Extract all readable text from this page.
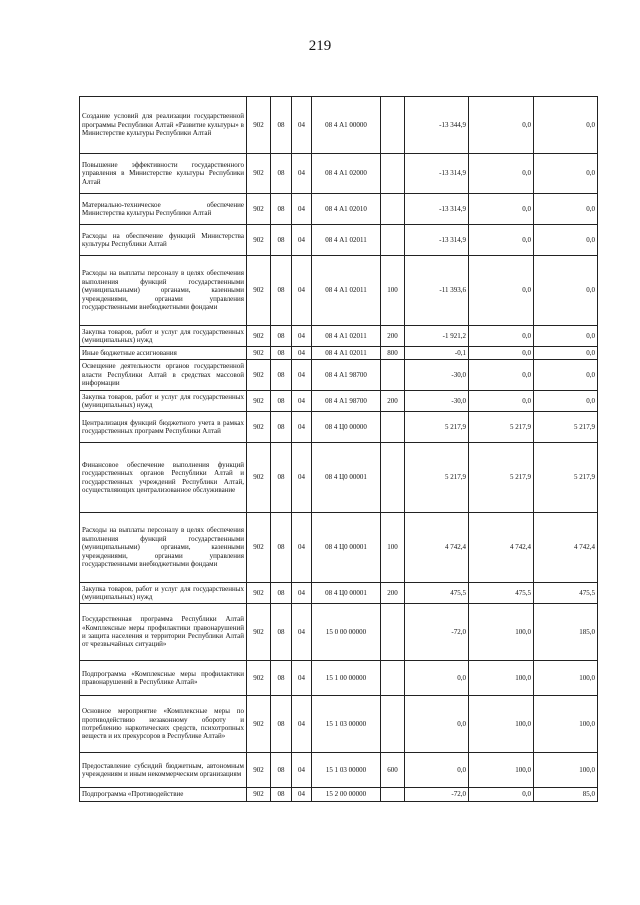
219
Создание условий для реализации государственной программы Республики Алтай «Развитие культуры» в Министерстве культуры Республики Алтай	902	08	04	08 4 А1 00000		-13 344,9	0,0	0,0
Повышение эффективности государственного управления в Министерстве культуры Республики Алтай	902	08	04	08 4 А1 02000		-13 314,9	0,0	0,0
Материально-техническое обеспечение Министерства культуры Республики Алтай	902	08	04	08 4 А1 02010		-13 314,9	0,0	0,0
Расходы на обеспечение функций Министерства культуры Республики Алтай	902	08	04	08 4 А1 02011		-13 314,9	0,0	0,0
Расходы на выплаты персоналу в целях обеспечения выполнения функций государственными (муниципальными) органами, казенными учреждениями, органами управления государственными внебюджетными фондами	902	08	04	08 4 А1 02011	100	-11 393,6	0,0	0,0
Закупка товаров, работ и услуг для государственных (муниципальных) нужд	902	08	04	08 4 А1 02011	200	-1 921,2	0,0	0,0
Иные бюджетные ассигнования	902	08	04	08 4 А1 02011	800	-0,1	0,0	0,0
Освещение деятельности органов государственной власти Республики Алтай в средствах массовой информации	902	08	04	08 4 А1 98700		-30,0	0,0	0,0
Закупка товаров, работ и услуг для государственных (муниципальных) нужд	902	08	04	08 4 А1 98700	200	-30,0	0,0	0,0
Централизация функций бюджетного учета в рамках государственных программ Республики Алтай	902	08	04	08 4 Ц0 00000		5 217,9	5 217,9	5 217,9
Финансовое обеспечение выполнения функций государственных органов Республики Алтай и государственных учреждений Республики Алтай, осуществляющих централизованное обслуживание	902	08	04	08 4 Ц0 00001		5 217,9	5 217,9	5 217,9
Расходы на выплаты персоналу в целях обеспечения выполнения функций государственными (муниципальными) органами, казенными учреждениями, органами управления государственными внебюджетными фондами	902	08	04	08 4 Ц0 00001	100	4 742,4	4 742,4	4 742,4
Закупка товаров, работ и услуг для государственных (муниципальных) нужд	902	08	04	08 4 Ц0 00001	200	475,5	475,5	475,5
Государственная программа Республики Алтай «Комплексные меры профилактики правонарушений и защита населения и территории Республики Алтай от чрезвычайных ситуаций»	902	08	04	15 0 00 00000		-72,0	100,0	185,0
Подпрограмма «Комплексные меры профилактики правонарушений в Республике Алтай»	902	08	04	15 1 00 00000		0,0	100,0	100,0
Основное мероприятие «Комплексные меры по противодействию незаконному обороту и потреблению наркотических средств, психотропных веществ и их прекурсоров в Республике Алтай»	902	08	04	15 1 03 00000		0,0	100,0	100,0
Предоставление субсидий бюджетным, автономным учреждениям и иным некоммерческим организациям	902	08	04	15 1 03 00000	600	0,0	100,0	100,0
Подпрограмма «Противодействие	902	08	04	15 2 00 00000		-72,0	0,0	85,0
